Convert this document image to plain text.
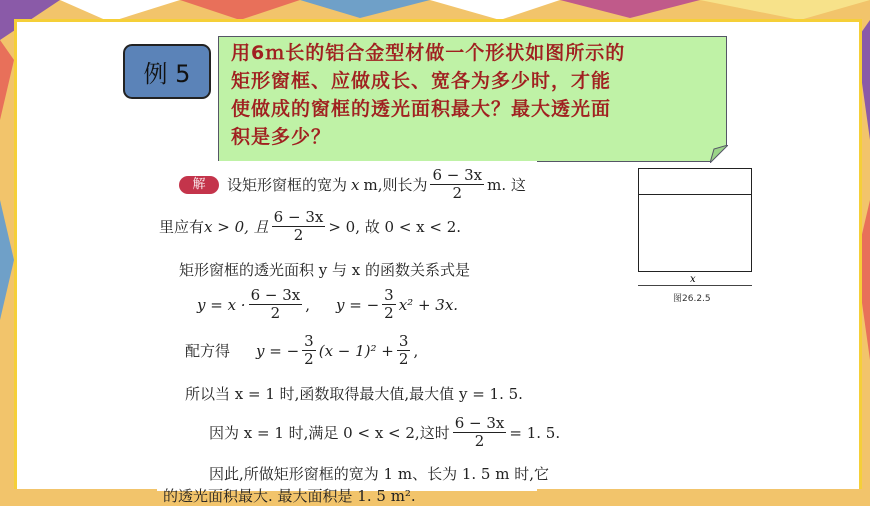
例 5
用6ｍ长的铝合金型材做一个形状如图所示的
矩形窗框、应做成长、宽各为多少时，才能
使做成的窗框的透光面积最大？最大透光面
积是多少？
解	设矩形窗框的宽为 x m,则长为 $\frac{6 - 3x}{2} m$. 这
里应有 x > 0, 且 $\frac{6 - 3x}{2} > 0$, 故 0 < x < 2.
矩形窗框的透光面积 y 与 x 的函数关系式是
$y = x \cdot \frac{6 - 3x}{2}$ , y = − $\frac{3}{2} x^2 + 3x$.
配方得 y = − $\frac{3}{2} (x - 1)^2 + \frac{3}{2}$ ,
所以当 x = 1 时,函数取得最大值,最大值 y = 1. 5.
因为 x = 1 时,满足 0 < x < 2,这时 $\frac{6 - 3x}{2} = 1$. 5.
因此,所做矩形窗框的宽为 1 m、长为 1. 5 m 时,它
的透光面积最大. 最大面积是 1. 5 m².
x
图26.2.5
